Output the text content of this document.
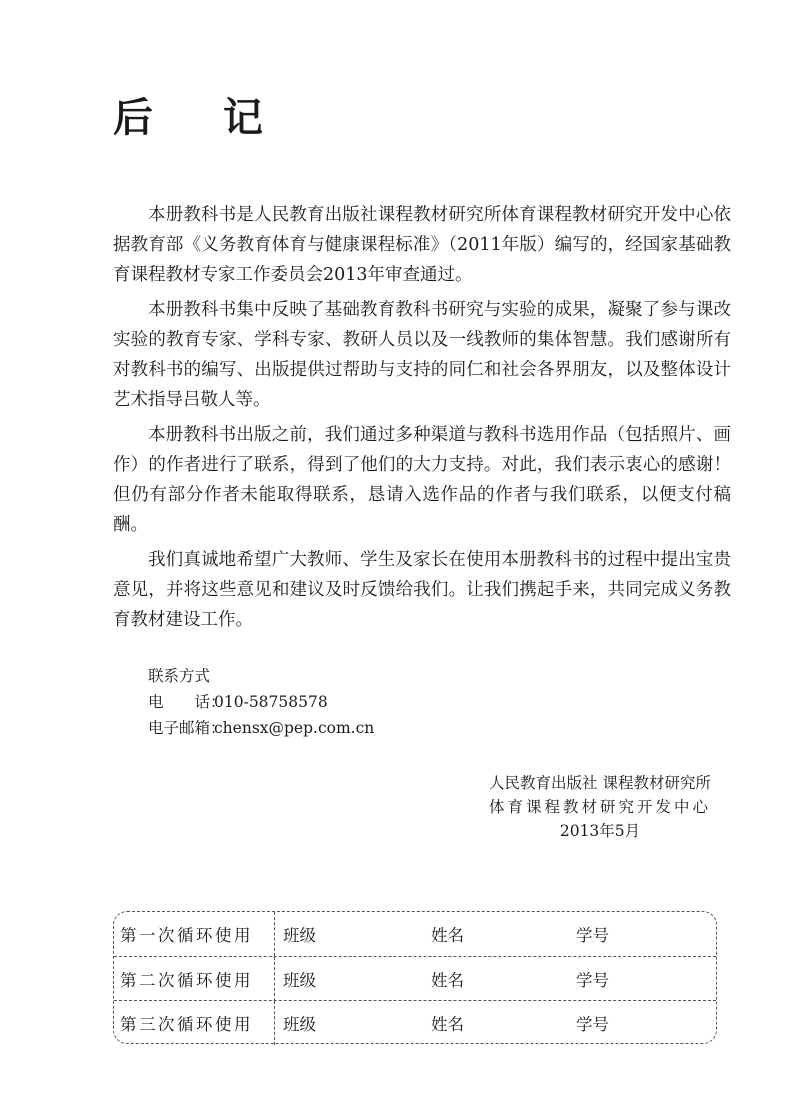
后 记

本册教科书是人民教育出版社课程教材研究所体育课程教材研究开发中心依据教育部《义务教育体育与健康课程标准》（2011年版）编写的，经国家基础教育课程教材专家工作委员会2013年审查通过。

本册教科书集中反映了基础教育教科书研究与实验的成果，凝聚了参与课改实验的教育专家、学科专家、教研人员以及一线教师的集体智慧。我们感谢所有对教科书的编写、出版提供过帮助与支持的同仁和社会各界朋友，以及整体设计艺术指导吕敬人等。

本册教科书出版之前，我们通过多种渠道与教科书选用作品（包括照片、画作）的作者进行了联系，得到了他们的大力支持。对此，我们表示衷心的感谢！但仍有部分作者未能取得联系，恳请入选作品的作者与我们联系，以便支付稿酬。

我们真诚地希望广大教师、学生及家长在使用本册教科书的过程中提出宝贵意见，并将这些意见和建议及时反馈给我们。让我们携起手来，共同完成义务教育教材建设工作。

联系方式
电　　话：010-58758578
电子邮箱：chensx@pep.com.cn
人民教育出版社 课程教材研究所
体育课程教材研究开发中心
2013年5月
第一次循环使用 班级	姓名	学号
第二次循环使用 班级	姓名	学号
第三次循环使用 班级	姓名	学号
